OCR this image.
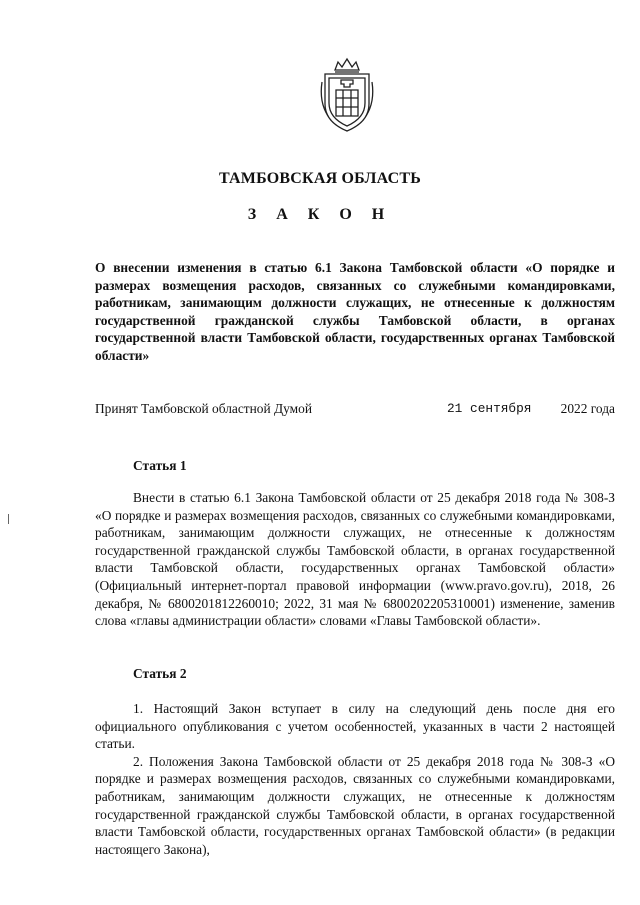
ТАМБОВСКАЯ ОБЛАСТЬ
З А К О Н
О внесении изменения в статью 6.1 Закона Тамбовской области «О порядке и размерах возмещения расходов, связанных со служебными командировками, работникам, занимающим должности служащих, не отнесенные к должностям государственной гражданской службы Тамбовской области, в органах государственной власти Тамбовской области, государственных органах Тамбовской области»
Принят Тамбовской областной Думой	21 сентября 2022 года
Статья 1

Внести в статью 6.1 Закона Тамбовской области от 25 декабря 2018 года № 308-З «О порядке и размерах возмещения расходов, связанных со служебными командировками, работникам, занимающим должности служащих, не отнесенные к должностям государственной гражданской службы Тамбовской области, в органах государственной власти Тамбовской области, государственных органах Тамбовской области» (Официальный интернет-портал правовой информации (www.pravo.gov.ru), 2018, 26 декабря, № 6800201812260010; 2022, 31 мая № 6800202205310001) изменение, заменив слова «главы администрации области» словами «Главы Тамбовской области».

Статья 2

1. Настоящий Закон вступает в силу на следующий день после дня его официального опубликования с учетом особенностей, указанных в части 2 настоящей статьи.

2. Положения Закона Тамбовской области от 25 декабря 2018 года № 308-З «О порядке и размерах возмещения расходов, связанных со служебными командировками, работникам, занимающим должности служащих, не отнесенные к должностям государственной гражданской службы Тамбовской области, в органах государственной власти Тамбовской области, государственных органах Тамбовской области» (в редакции настоящего Закона),
